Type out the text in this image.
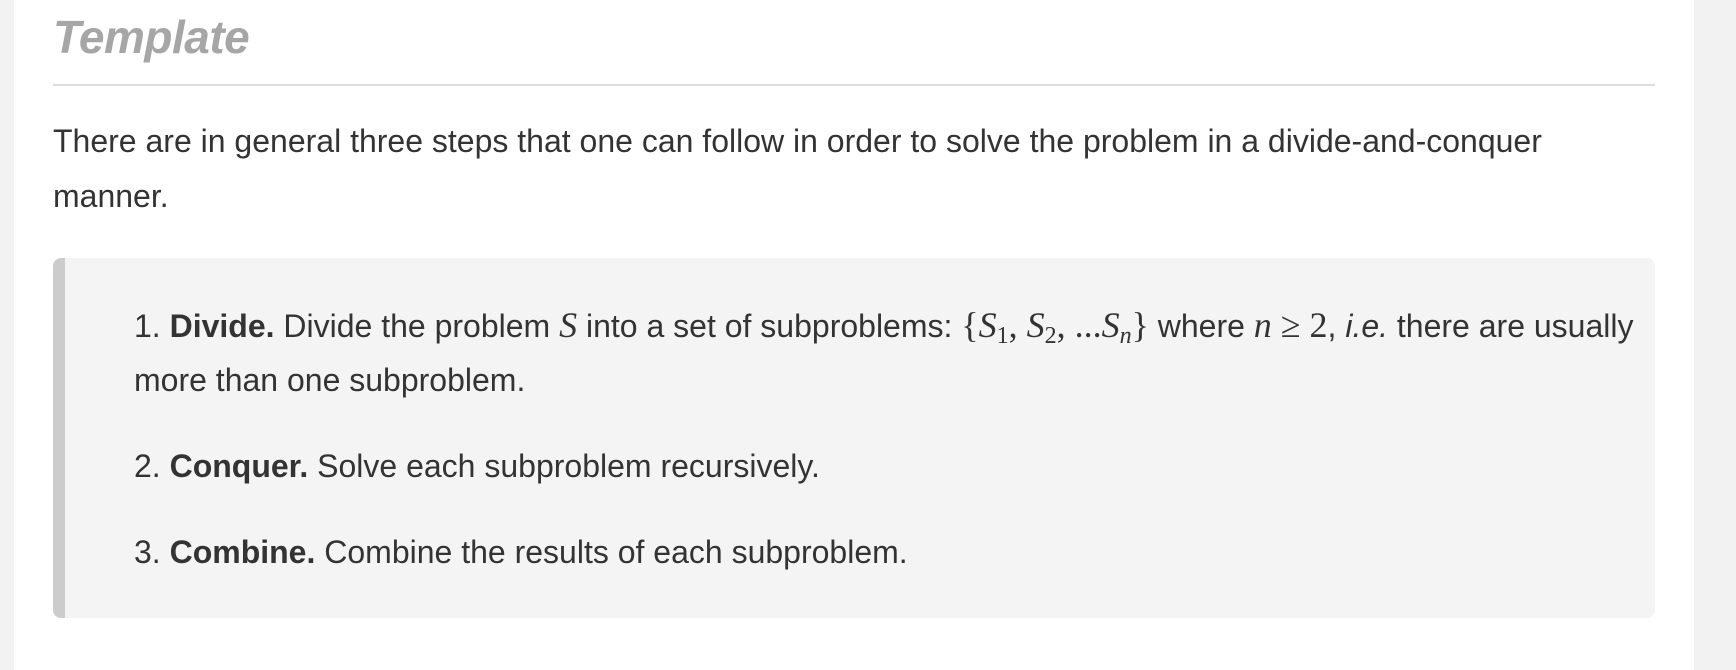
Template

There are in general three steps that one can follow in order to solve the problem in a divide-and-conquer manner.

1. Divide. Divide the problem S into a set of subproblems: {$S_1$, $S_2$, $...S_n$} where n ≥ 2, i.e. there are usually more than one subproblem.
2. Conquer. Solve each subproblem recursively.
3. Combine. Combine the results of each subproblem.
